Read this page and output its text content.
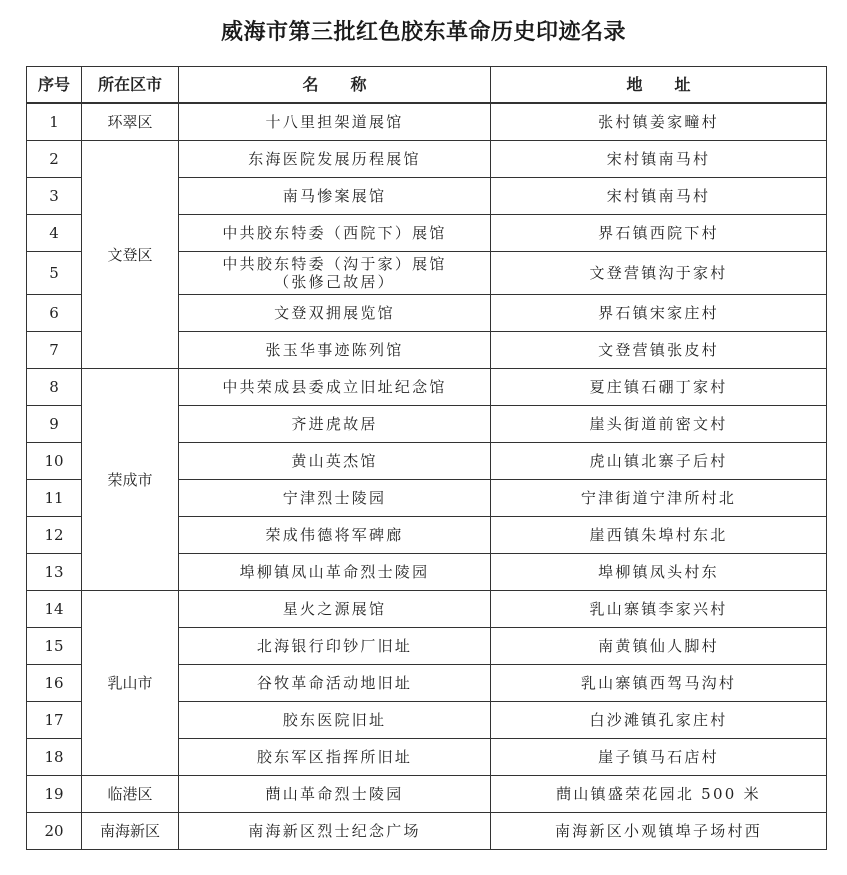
威海市第三批红色胶东革命历史印迹名录
序号	所在区市	名　　称	地　　址
1	环翠区	十八里担架道展馆	张村镇姜家疃村
2	文登区	东海医院发展历程展馆	宋村镇南马村
3		南马惨案展馆	宋村镇南马村
4		中共胶东特委（西院下）展馆	界石镇西院下村
5		中共胶东特委（沟于家）展馆
（张修己故居）	文登营镇沟于家村
6		文登双拥展览馆	界石镇宋家庄村
7		张玉华事迹陈列馆	文登营镇张皮村
8	荣成市	中共荣成县委成立旧址纪念馆	夏庄镇石硼丁家村
9		齐进虎故居	崖头街道前密文村
10		黄山英杰馆	虎山镇北寨子后村
11		宁津烈士陵园	宁津街道宁津所村北
12		荣成伟德将军碑廊	崖西镇朱埠村东北
13		埠柳镇凤山革命烈士陵园	埠柳镇凤头村东
14	乳山市	星火之源展馆	乳山寨镇李家兴村
15		北海银行印钞厂旧址	南黄镇仙人脚村
16		谷牧革命活动地旧址	乳山寨镇西驾马沟村
17		胶东医院旧址	白沙滩镇孔家庄村
18		胶东军区指挥所旧址	崖子镇马石店村
19	临港区	蔄山革命烈士陵园	蔄山镇盛荣花园北 500 米
20	南海新区	南海新区烈士纪念广场	南海新区小观镇埠子场村西
